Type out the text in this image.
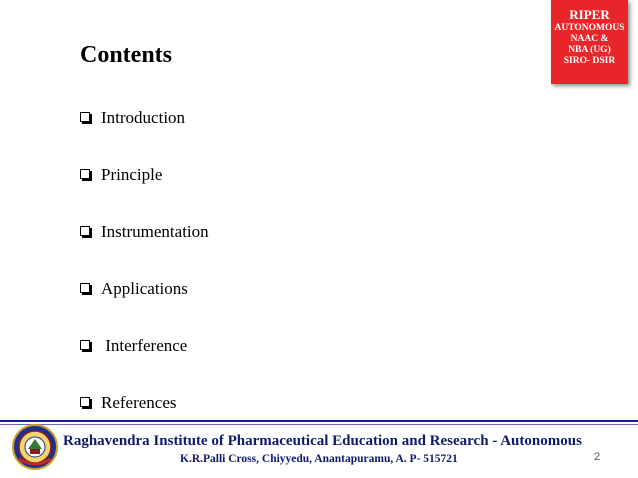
Contents
RIPER
AUTONOMOUS
NAAC &
NBA (UG)
SIRO- DSIR
Introduction
Principle
Instrumentation
Applications
Interference
References
Raghavendra Institute of Pharmaceutical Education and Research - Autonomous
K.R.Palli Cross, Chiyyedu, Anantapuramu, A. P- 515721	2
